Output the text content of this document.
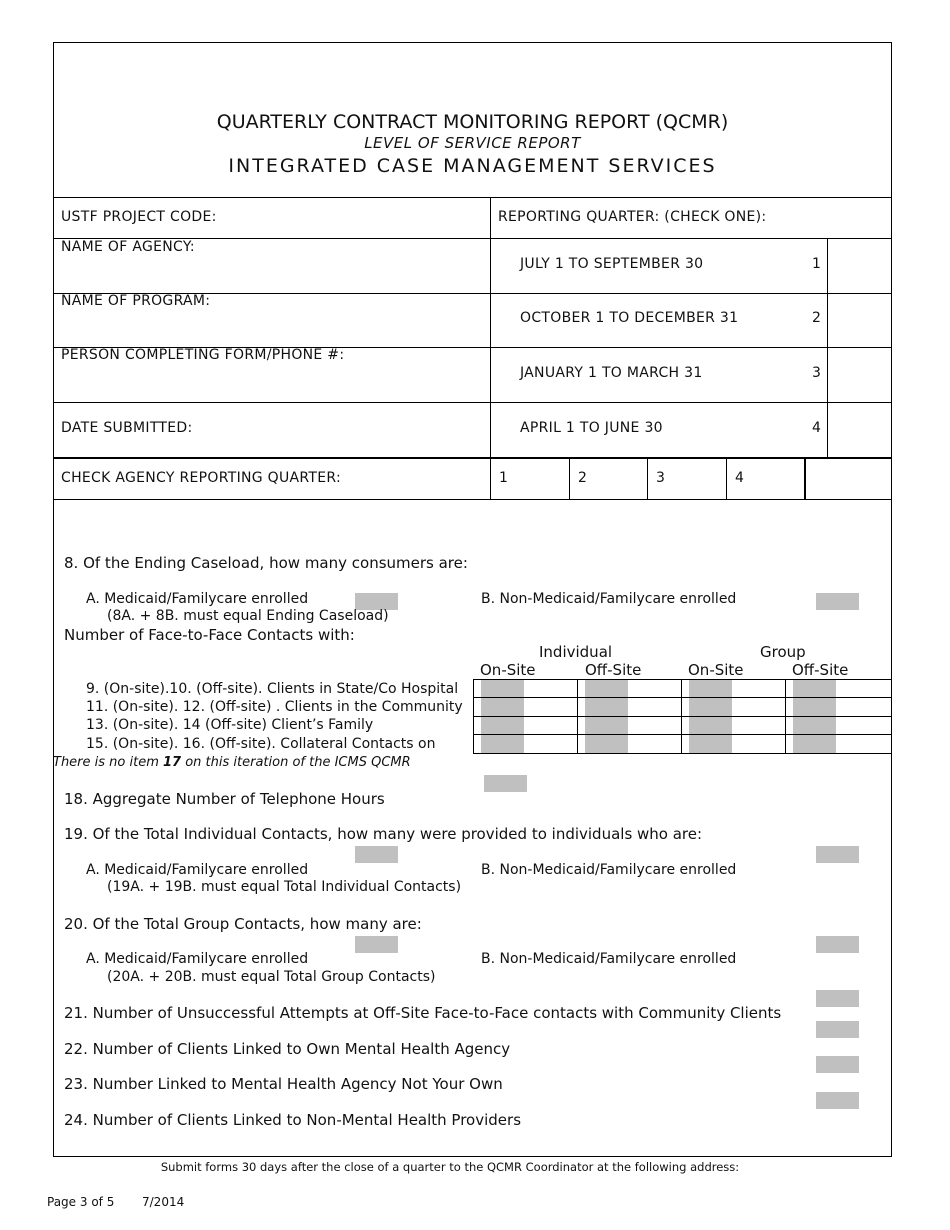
QUARTERLY CONTRACT MONITORING REPORT (QCMR)
LEVEL OF SERVICE REPORT
INTEGRATED CASE MANAGEMENT SERVICES
USTF PROJECT CODE:
NAME OF AGENCY:
NAME OF PROGRAM:
PERSON COMPLETING FORM/PHONE #:
DATE SUBMITTED:
REPORTING QUARTER: (CHECK ONE):
JULY 1 TO SEPTEMBER 30	1
OCTOBER 1 TO DECEMBER 31	2
JANUARY 1 TO MARCH 31	3
APRIL 1 TO JUNE 30	4
CHECK AGENCY REPORTING QUARTER:	1	2	3	4
8. Of the Ending Caseload, how many consumers are:
A. Medicaid/Familycare enrolled
(8A. + 8B. must equal Ending Caseload)
B. Non-Medicaid/Familycare enrolled
Number of Face-to-Face Contacts with:
Individual	Group
On-Site	Off-Site	On-Site	Off-Site
9. (On-site).10. (Off-site). Clients in State/Co Hospital
11. (On-site). 12. (Off-site) . Clients in the Community
13. (On-site). 14 (Off-site) Client’s Family
15. (On-site). 16. (Off-site). Collateral Contacts on
There is no item 17 on this iteration of the ICMS QCMR
18. Aggregate Number of Telephone Hours
19. Of the Total Individual Contacts, how many were provided to individuals who are:
A. Medicaid/Familycare enrolled	B. Non-Medicaid/Familycare enrolled
(19A. + 19B. must equal Total Individual Contacts)
20. Of the Total Group Contacts, how many are:
A. Medicaid/Familycare enrolled	B. Non-Medicaid/Familycare enrolled
(20A. + 20B. must equal Total Group Contacts)
21. Number of Unsuccessful Attempts at Off-Site Face-to-Face contacts with Community Clients
22. Number of Clients Linked to Own Mental Health Agency
23. Number Linked to Mental Health Agency Not Your Own
24. Number of Clients Linked to Non-Mental Health Providers
Submit forms 30 days after the close of a quarter to the QCMR Coordinator at the following address:
Page 3 of 5 7/2014
